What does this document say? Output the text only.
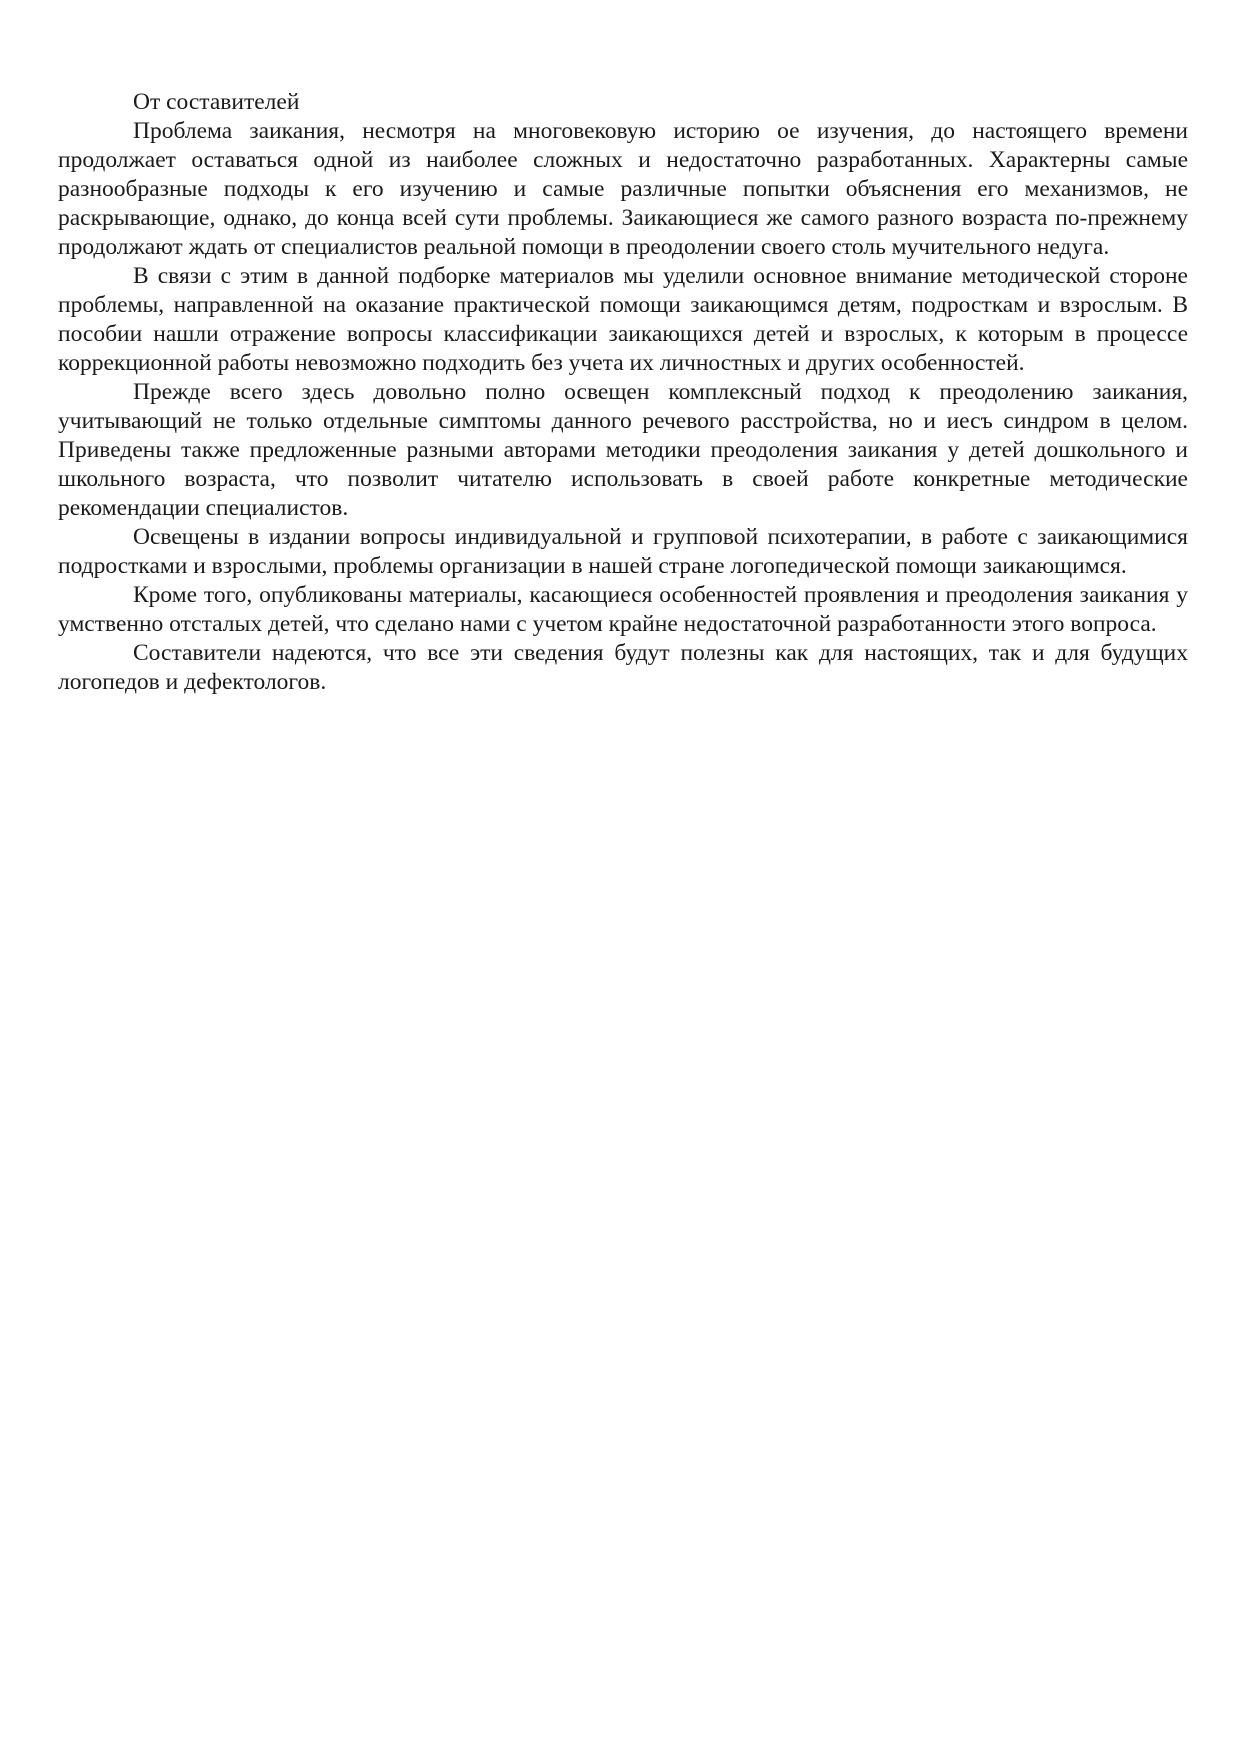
От составителей

Проблема заикания, несмотря на многовековую историю ое изучения, до настоящего времени продолжает оставаться одной из наиболее сложных и недостаточно разработанных. Характерны самые разнообразные подходы к его изучению и самые различные попытки объяснения его механизмов, не раскрывающие, однако, до конца всей сути проблемы. Заикающиеся же самого разного возраста по-прежнему продолжают ждать от специалистов реальной помощи в преодолении своего столь мучительного недуга.

В связи с этим в данной подборке материалов мы уделили основное внимание методической стороне проблемы, направленной на оказание практической помощи заикающимся детям, подросткам и взрослым. В пособии нашли отражение вопросы классификации заикающихся детей и взрослых, к которым в процессе коррекционной работы невозможно подходить без учета их личностных и других особенностей.

Прежде всего здесь довольно полно освещен комплексный подход к преодолению заикания, учитывающий не только отдельные симптомы данного речевого расстройства, но и иесъ синдром в целом. Приведены также предложенные разными авторами методики преодоления заикания у детей дошкольного и школьного возраста, что позволит читателю использовать в своей работе конкретные методические рекомендации специалистов.

Освещены в издании вопросы индивидуальной и групповой психотерапии, в работе с заикающимися подростками и взрослыми, проблемы организации в нашей стране логопедической помощи заикающимся.

Кроме того, опубликованы материалы, касающиеся особенностей проявления и преодоления заикания у умственно отсталых детей, что сделано нами с учетом крайне недостаточной разработанности этого вопроса.

Составители надеются, что все эти сведения будут полезны как для настоящих, так и для будущих логопедов и дефектологов.
